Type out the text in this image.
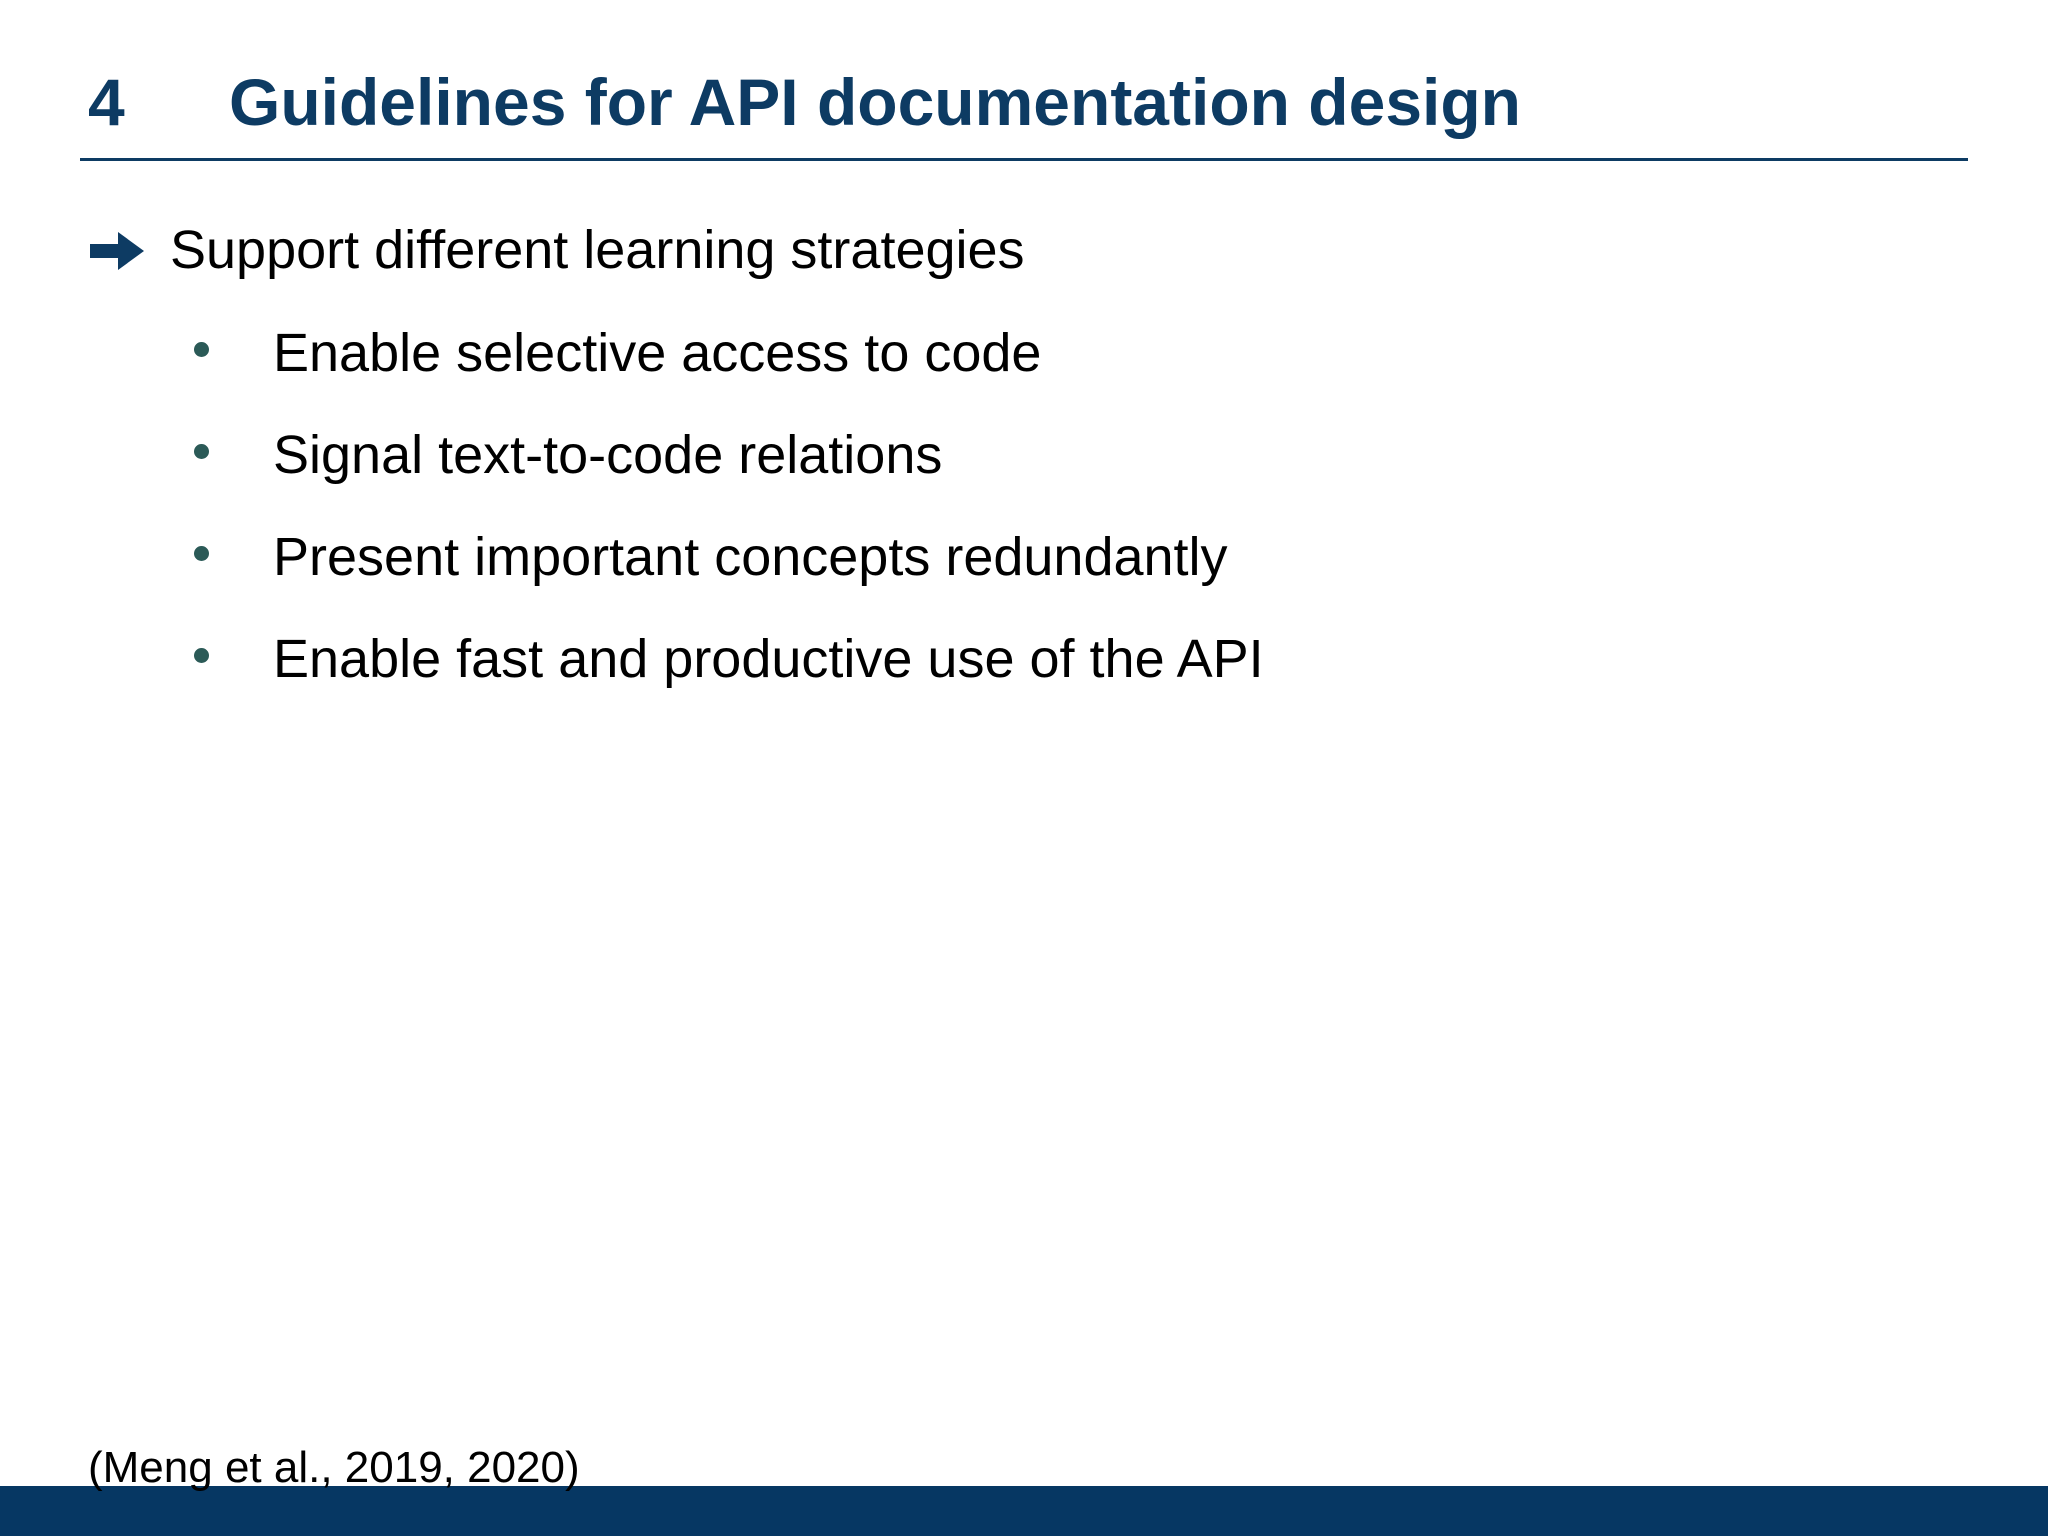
4 Guidelines for API documentation design
Support different learning strategies
Enable selective access to code
Signal text-to-code relations
Present important concepts redundantly
Enable fast and productive use of the API
(Meng et al., 2019, 2020)
